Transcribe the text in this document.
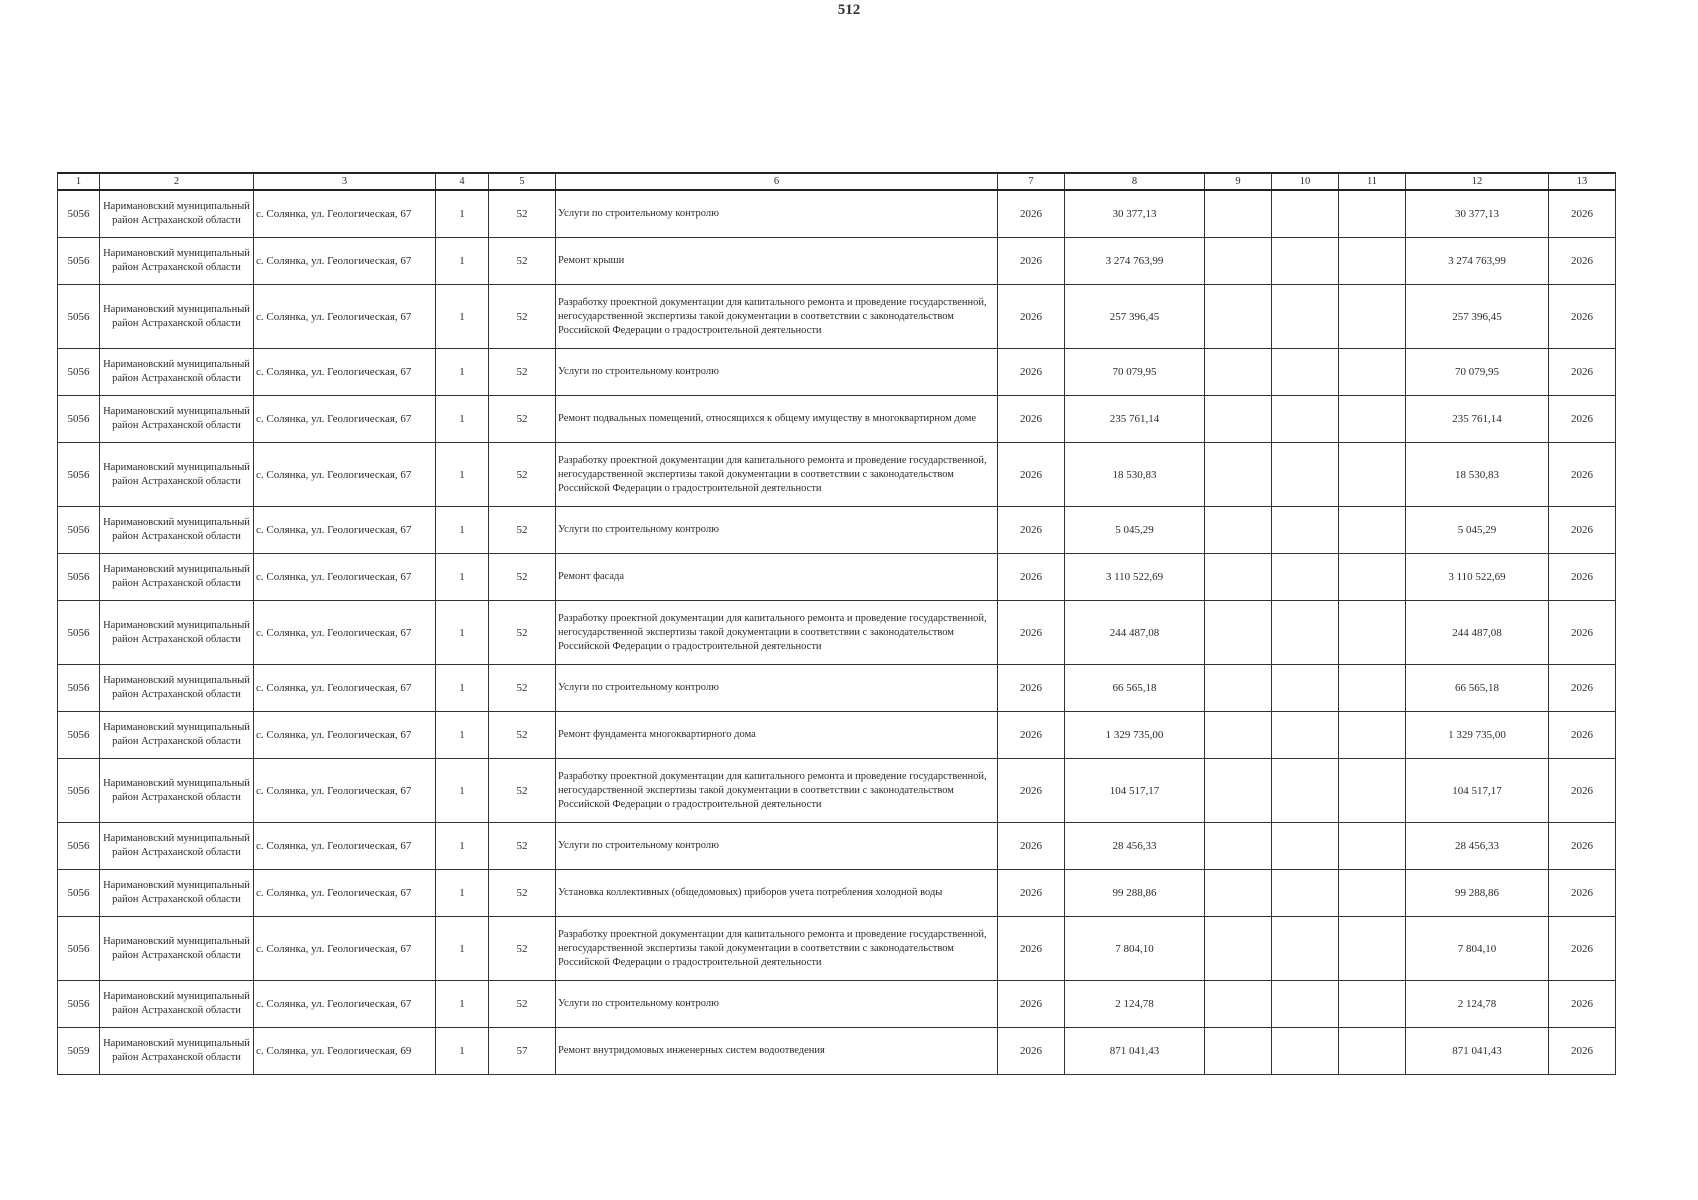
512
1	2	3	4	5	6	7	8	9	10	11	12	13
5056	Наримановский муниципальный район Астраханской области	с. Солянка, ул. Геологическая, 67	1	52	Услуги по строительному контролю	2026	30 377,13				30 377,13	2026
5056	Наримановский муниципальный район Астраханской области	с. Солянка, ул. Геологическая, 67	1	52	Ремонт крыши	2026	3 274 763,99				3 274 763,99	2026
5056	Наримановский муниципальный район Астраханской области	с. Солянка, ул. Геологическая, 67	1	52	Разработку проектной документации для капитального ремонта и проведение государственной, негосударственной экспертизы такой документации в соответствии с законодательством Российской Федерации о градостроительной деятельности	2026	257 396,45				257 396,45	2026
5056	Наримановский муниципальный район Астраханской области	с. Солянка, ул. Геологическая, 67	1	52	Услуги по строительному контролю	2026	70 079,95				70 079,95	2026
5056	Наримановский муниципальный район Астраханской области	с. Солянка, ул. Геологическая, 67	1	52	Ремонт подвальных помещений, относящихся к общему имуществу в многоквартирном доме	2026	235 761,14				235 761,14	2026
5056	Наримановский муниципальный район Астраханской области	с. Солянка, ул. Геологическая, 67	1	52	Разработку проектной документации для капитального ремонта и проведение государственной, негосударственной экспертизы такой документации в соответствии с законодательством Российской Федерации о градостроительной деятельности	2026	18 530,83				18 530,83	2026
5056	Наримановский муниципальный район Астраханской области	с. Солянка, ул. Геологическая, 67	1	52	Услуги по строительному контролю	2026	5 045,29				5 045,29	2026
5056	Наримановский муниципальный район Астраханской области	с. Солянка, ул. Геологическая, 67	1	52	Ремонт фасада	2026	3 110 522,69				3 110 522,69	2026
5056	Наримановский муниципальный район Астраханской области	с. Солянка, ул. Геологическая, 67	1	52	Разработку проектной документации для капитального ремонта и проведение государственной, негосударственной экспертизы такой документации в соответствии с законодательством Российской Федерации о градостроительной деятельности	2026	244 487,08				244 487,08	2026
5056	Наримановский муниципальный район Астраханской области	с. Солянка, ул. Геологическая, 67	1	52	Услуги по строительному контролю	2026	66 565,18				66 565,18	2026
5056	Наримановский муниципальный район Астраханской области	с. Солянка, ул. Геологическая, 67	1	52	Ремонт фундамента многоквартирного дома	2026	1 329 735,00				1 329 735,00	2026
5056	Наримановский муниципальный район Астраханской области	с. Солянка, ул. Геологическая, 67	1	52	Разработку проектной документации для капитального ремонта и проведение государственной, негосударственной экспертизы такой документации в соответствии с законодательством Российской Федерации о градостроительной деятельности	2026	104 517,17				104 517,17	2026
5056	Наримановский муниципальный район Астраханской области	с. Солянка, ул. Геологическая, 67	1	52	Услуги по строительному контролю	2026	28 456,33				28 456,33	2026
5056	Наримановский муниципальный район Астраханской области	с. Солянка, ул. Геологическая, 67	1	52	Установка коллективных (общедомовых) приборов учета потребления холодной воды	2026	99 288,86				99 288,86	2026
5056	Наримановский муниципальный район Астраханской области	с. Солянка, ул. Геологическая, 67	1	52	Разработку проектной документации для капитального ремонта и проведение государственной, негосударственной экспертизы такой документации в соответствии с законодательством Российской Федерации о градостроительной деятельности	2026	7 804,10				7 804,10	2026
5056	Наримановский муниципальный район Астраханской области	с. Солянка, ул. Геологическая, 67	1	52	Услуги по строительному контролю	2026	2 124,78				2 124,78	2026
5059	Наримановский муниципальный район Астраханской области	с. Солянка, ул. Геологическая, 69	1	57	Ремонт внутридомовых инженерных систем водоотведения	2026	871 041,43				871 041,43	2026
